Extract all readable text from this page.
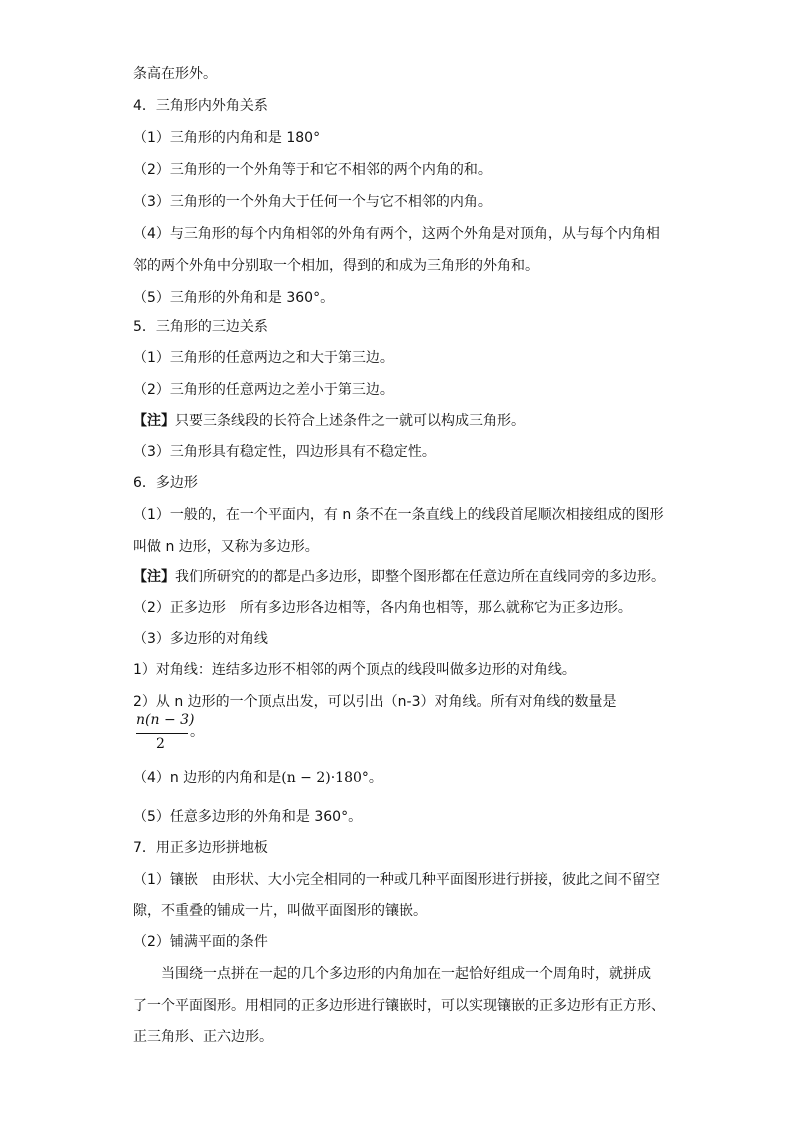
条高在形外。
4．三角形内外角关系
（1）三角形的内角和是 180°
（2）三角形的一个外角等于和它不相邻的两个内角的和。
（3）三角形的一个外角大于任何一个与它不相邻的内角。
（4）与三角形的每个内角相邻的外角有两个，这两个外角是对顶角，从与每个内角相
邻的两个外角中分别取一个相加，得到的和成为三角形的外角和。
（5）三角形的外角和是 360°。
5．三角形的三边关系
（1）三角形的任意两边之和大于第三边。
（2）三角形的任意两边之差小于第三边。
【注】只要三条线段的长符合上述条件之一就可以构成三角形。
（3）三角形具有稳定性，四边形具有不稳定性。
6．多边形
（1）一般的，在一个平面内，有 n 条不在一条直线上的线段首尾顺次相接组成的图形
叫做 n 边形，又称为多边形。
【注】我们所研究的的都是凸多边形，即整个图形都在任意边所在直线同旁的多边形。
（2）正多边形　所有多边形各边相等，各内角也相等，那么就称它为正多边形。
（3）多边形的对角线
1）对角线：连结多边形不相邻的两个顶点的线段叫做多边形的对角线。
2）从 n 边形的一个顶点出发，可以引出（n-3）对角线。所有对角线的数量是
n(n − 3)
2
。
（4）n 边形的内角和是(n − 2)·180°。
（5）任意多边形的外角和是 360°。
7．用正多边形拼地板
（1）镶嵌　由形状、大小完全相同的一种或几种平面图形进行拼接，彼此之间不留空
隙，不重叠的铺成一片，叫做平面图形的镶嵌。
（2）铺满平面的条件
　　当围绕一点拼在一起的几个多边形的内角加在一起恰好组成一个周角时，就拼成
了一个平面图形。用相同的正多边形进行镶嵌时，可以实现镶嵌的正多边形有正方形、
正三角形、正六边形。
